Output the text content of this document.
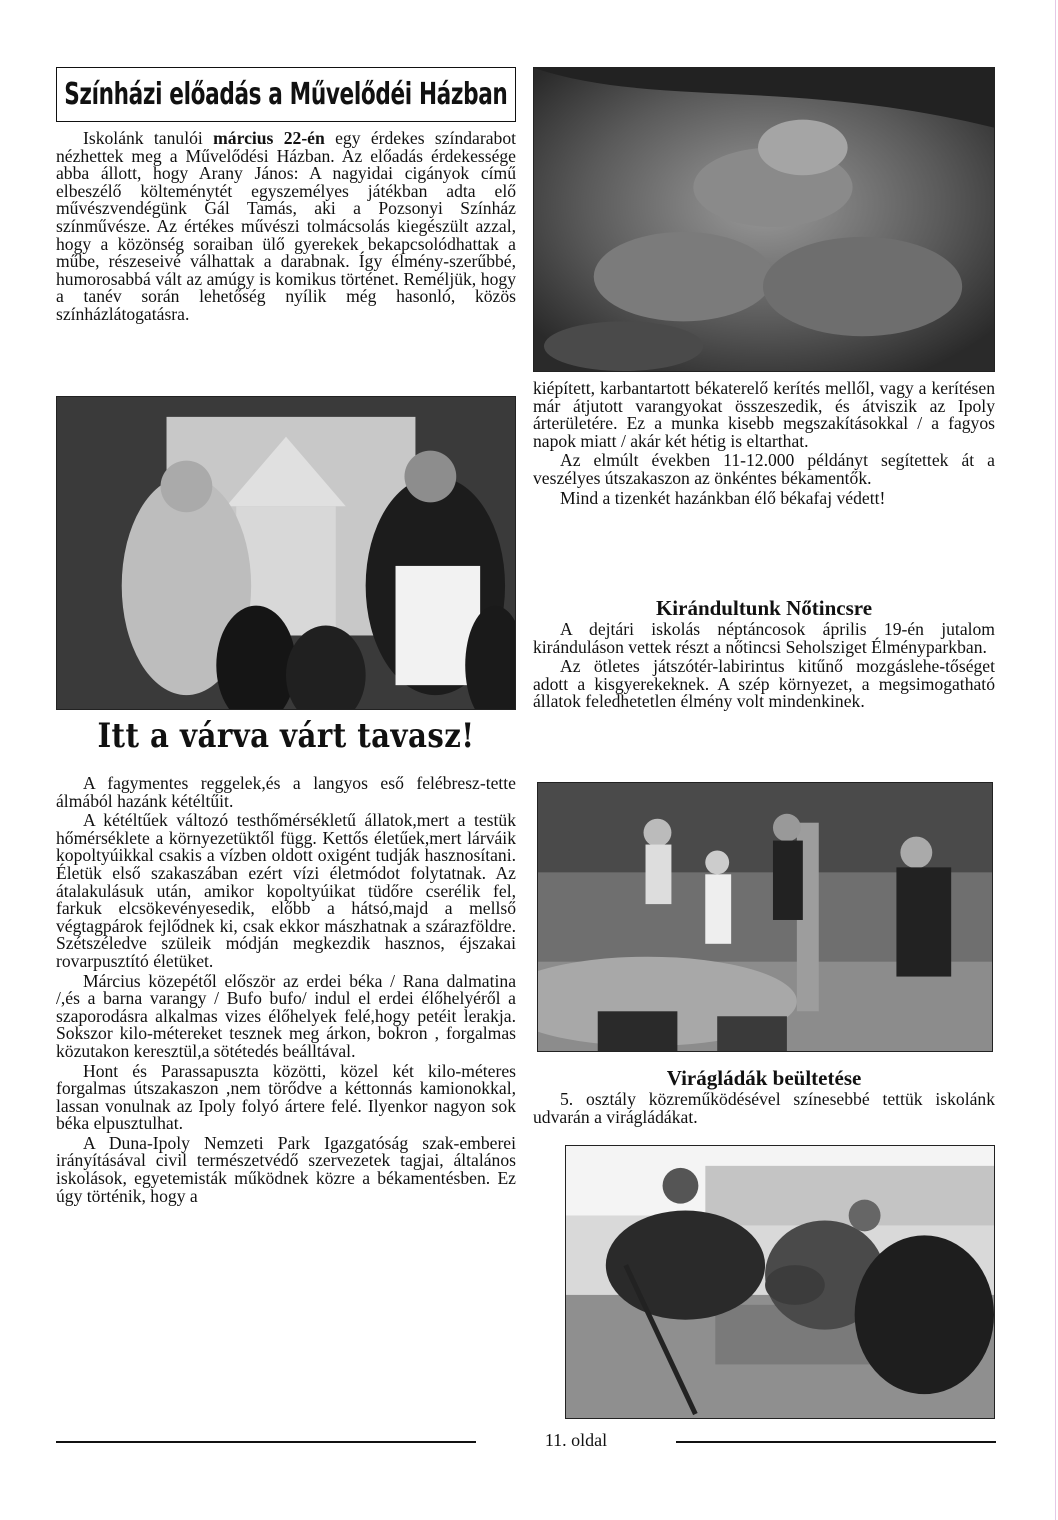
Színházi előadás a Művelődéi Házban

Iskolánk tanulói március 22-én egy érdekes színdarabot nézhettek meg a Művelődési Házban. Az előadás érdekessége abba állott, hogy Arany János: A nagyidai cigányok című elbeszélő költeménytét egyszemélyes játékban adta elő művészvendégünk Gál Tamás, aki a Pozsonyi Színház színművésze. Az értékes művészi tolmácsolás kiegészült azzal, hogy a közönség soraiban ülő gyerekek bekapcsolódhattak a műbe, részeseivé válhattak a darabnak. Így élmény-szerűbbé, humorosabbá vált az amúgy is komikus történet. Reméljük, hogy a tanév során lehetőség nyílik még hasonló, közös színházlátogatásra.

kiépített, karbantartott békaterelő kerítés mellől, vagy a kerítésen már átjutott varangyokat összeszedik, és átviszik az Ipoly árterületére. Ez a munka kisebb megszakításokkal / a fagyos napok miatt / akár két hétig is eltarthat.

Az elmúlt években 11-12.000 példányt segítettek át a veszélyes útszakaszon az önkéntes békamentők.

Mind a tizenkét hazánkban élő békafaj védett!

Itt a várva várt tavasz!

A fagymentes reggelek,és a langyos eső felébresz-tette álmából hazánk kétéltűit.

A kétéltűek változó testhőmérsékletű állatok,mert a testük hőmérséklete a környezetüktől függ. Kettős életűek,mert lárváik kopoltyúikkal csakis a vízben oldott oxigént tudják hasznosítani. Életük első szakaszában ezért vízi életmódot folytatnak. Az átalakulásuk után, amikor kopoltyúikat tüdőre cserélik fel, farkuk elcsökevényesedik, előbb a hátsó,majd a mellső végtagpárok fejlődnek ki, csak ekkor mászhatnak a szárazföldre. Szétszéledve szüleik módján megkezdik hasznos, éjszakai rovarpusztító életüket.

Március közepétől először az erdei béka / Rana dalmatina /,és a barna varangy / Bufo bufo/ indul el erdei élőhelyéről a szaporodásra alkalmas vizes élőhelyek felé,hogy petéit lerakja. Sokszor kilo-métereket tesznek meg árkon, bokron , forgalmas közutakon keresztül,a sötétedés beálltával.

Hont és Parassapuszta közötti, közel két kilo-méteres forgalmas útszakaszon ,nem törődve a kéttonnás kamionokkal, lassan vonulnak az Ipoly folyó ártere felé. Ilyenkor nagyon sok béka elpusztulhat.

A Duna-Ipoly Nemzeti Park Igazgatóság szak-emberei irányításával civil természetvédő szervezetek tagjai, általános iskolások, egyetemisták működnek közre a békamentésben. Ez úgy történik, hogy a

Kirándultunk Nőtincsre

A dejtári iskolás néptáncosok április 19-én jutalom kiránduláson vettek részt a nőtincsi Seholsziget Élményparkban.

Az ötletes játszótér-labirintus kitűnő mozgáslehe-tőséget adott a kisgyerekeknek. A szép környezet, a megsimogatható állatok feledhetetlen élmény volt mindenkinek.

Virágládák beültetése

5. osztály közreműködésével színesebbé tettük iskolánk udvarán a virágládákat.

11. oldal
